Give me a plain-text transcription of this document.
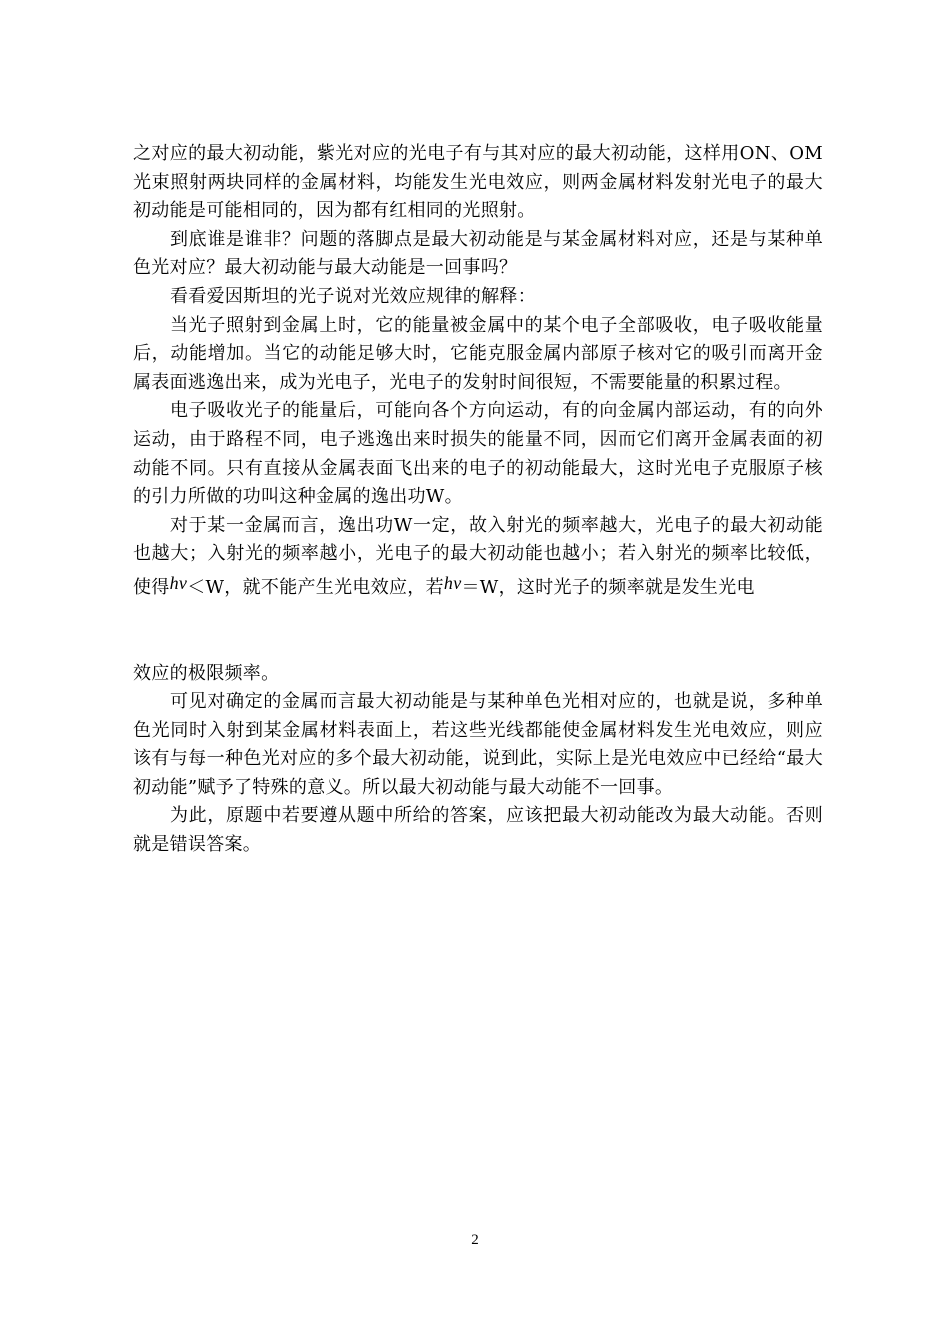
之对应的最大初动能，紫光对应的光电子有与其对应的最大初动能，这样用ON、OM光束照射两块同样的金属材料，均能发生光电效应，则两金属材料发射光电子的最大初动能是可能相同的，因为都有红相同的光照射。

到底谁是谁非？问题的落脚点是最大初动能是与某金属材料对应，还是与某种单色光对应？最大初动能与最大动能是一回事吗？

看看爱因斯坦的光子说对光效应规律的解释：

当光子照射到金属上时，它的能量被金属中的某个电子全部吸收，电子吸收能量后，动能增加。当它的动能足够大时，它能克服金属内部原子核对它的吸引而离开金属表面逃逸出来，成为光电子，光电子的发射时间很短，不需要能量的积累过程。

电子吸收光子的能量后，可能向各个方向运动，有的向金属内部运动，有的向外运动，由于路程不同，电子逃逸出来时损失的能量不同，因而它们离开金属表面的初动能不同。只有直接从金属表面飞出来的电子的初动能最大，这时光电子克服原子核的引力所做的功叫这种金属的逸出功W。

对于某一金属而言，逸出功W一定，故入射光的频率越大，光电子的最大初动能也越大；入射光的频率越小，光电子的最大初动能也越小；若入射光的频率比较低，使得hν＜W，就不能产生光电效应，若hν＝W，这时光子的频率就是发生光电

效应的极限频率。

可见对确定的金属而言最大初动能是与某种单色光相对应的，也就是说，多种单色光同时入射到某金属材料表面上，若这些光线都能使金属材料发生光电效应，则应该有与每一种色光对应的多个最大初动能，说到此，实际上是光电效应中已经给“最大初动能”赋予了特殊的意义。所以最大初动能与最大动能不一回事。

为此，原题中若要遵从题中所给的答案，应该把最大初动能改为最大动能。否则就是错误答案。

2
